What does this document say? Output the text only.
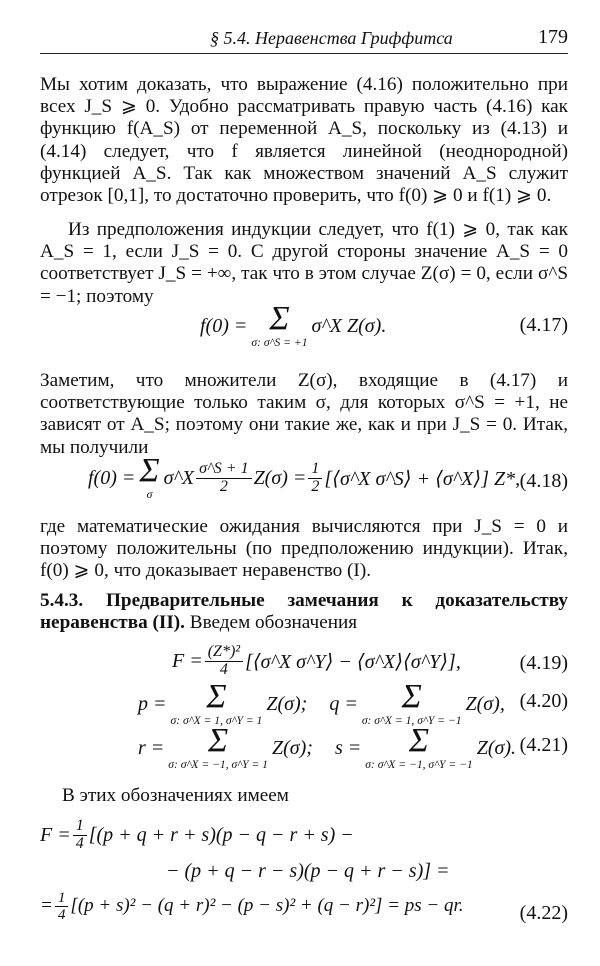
§ 5.4. Неравенства Гриффитса	179
Мы хотим доказать, что выражение (4.16) положительно при всех J_S ⩾ 0. Удобно рассматривать правую часть (4.16) как функцию f(A_S) от переменной A_S, поскольку из (4.13) и (4.14) следует, что f является линейной (неоднородной) функцией A_S. Так как множеством значений A_S служит отрезок [0,1], то достаточно проверить, что f(0) ⩾ 0 и f(1) ⩾ 0.
Из предположения индукции следует, что f(1) ⩾ 0, так как A_S = 1, если J_S = 0. С другой стороны значение A_S = 0 соответствует J_S = +∞, так что в этом случае Z(σ) = 0, если σ^S = −1; поэтому
f(0) = Σ
σ: σ^S = +1
σ^X Z(σ).	(4.17)
Заметим, что множители Z(σ), входящие в (4.17) и соответствующие только таким σ, для которых σ^S = +1, не зависят от A_S; поэтому они такие же, как и при J_S = 0. Итак, мы получили
f(0) = Σ
σ
σ^X $\frac{\sigma\^{}S + 1}{2} Z(\sigma) = \frac{1}{2}$ [⟨σ^X σ^S⟩ + ⟨σ^X⟩] Z*, (4.18)
где математические ожидания вычисляются при J_S = 0 и поэтому положительны (по предположению индукции). Итак, f(0) ⩾ 0, что доказывает неравенство (I).
5.4.3. Предварительные замечания к доказательству неравенства (II). Введем обозначения
$F = \frac{\text{(Z*)²}}{4}$ [⟨σ^X σ^Y⟩ − ⟨σ^X⟩⟨σ^Y⟩],	(4.19)
p = Σ
σ: σ^X = 1, σ^Y = 1
Z(σ); q = Σ
σ: σ^X = 1, σ^Y = −1
Z(σ), (4.20)
r = Σ
σ: σ^X = −1, σ^Y = 1
Z(σ); s = Σ
σ: σ^X = −1, σ^Y = −1
Z(σ). (4.21)
В этих обозначениях имеем
$F = \frac{1}{4} [(p + q + r + s)(p - q - r + s)$ −
− (p + q − r − s)(p − q + r − s)] =
= $\frac{1}{4} [(p + s)^2 - (q + r)^2 - (p - s)^2 + (q - r)^2]$ = ps − qr.	(4.22)
